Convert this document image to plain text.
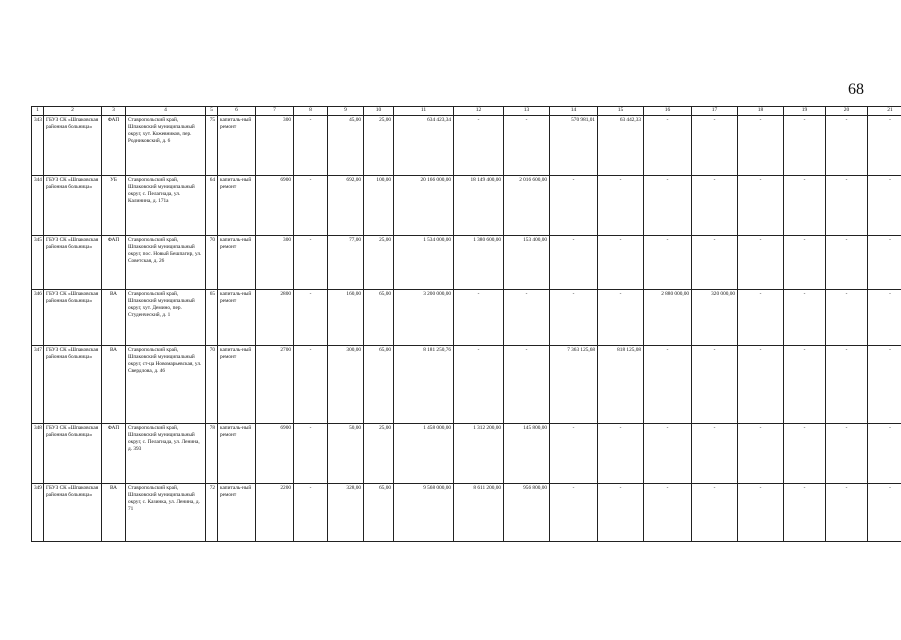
68
1	2	3	4	5	6	7	8	9	10	11	12	13	14	15	16	17	18	19	20	21
343	ГБУЗ СК «Шпаковская районная больница»	ФАП	Ставропольский край, Шпаковский муниципальный округ, хут. Кожевников, пер. Родниковский, д. 6	75	капиталь-ный ремонт	300	-	45,00	25,00	634 423,34	-	-	570 981,01	63 442,33	-	-	-	-	-	-
344	ГБУЗ СК «Шпаковская районная больница»	УБ	Ставропольский край, Шпаковский муниципальный округ, с. Пелагиада, ул. Калинина, д. 171а	64	капиталь-ный ремонт	6900	-	692,00	100,00	20 166 000,00	18 149 400,00	2 016 600,00	-	-	-	-	-	-	-	-
345	ГБУЗ СК «Шпаковская районная больница»	ФАП	Ставропольский край, Шпаковский муниципальный округ, пос. Новый Бешпагир, ул. Советская, д. 26	70	капиталь-ный ремонт	300	-	77,00	25,00	1 534 000,00	1 380 600,00	153 400,00	-	-	-	-	-	-	-	-
346	ГБУЗ СК «Шпаковская районная больница»	ВА	Ставропольский край, Шпаковский муниципальный округ, хут. Демино, пер. Студенческий, д. 1	65	капиталь-ный ремонт	2800	-	160,00	65,00	3 200 000,00	-	-	-	-	2 880 000,00	320 000,00	-	-	-	-
347	ГБУЗ СК «Шпаковская районная больница»	ВА	Ставропольский край, Шпаковский муниципальный округ, ст-ца Новомарьевская, ул. Свердлова, д. 46	70	капиталь-ный ремонт	2700	-	300,00	65,00	8 181 250,76	-	-	7 363 125,68	818 125,08	-	-	-	-	-	-
348	ГБУЗ СК «Шпаковская районная больница»	ФАП	Ставропольский край, Шпаковский муниципальный округ, с. Пелагиада, ул. Ленина, д. 393	78	капиталь-ный ремонт	6900	-	50,00	25,00	1 458 000,00	1 312 200,00	145 800,00	-	-	-	-	-	-	-	-
349	ГБУЗ СК «Шпаковская районная больница»	ВА	Ставропольский край, Шпаковский муниципальный округ, с. Казинка, ул. Ленина, д. 71	72	капиталь-ный ремонт	2200	-	328,00	65,00	9 568 000,00	8 611 200,00	956 800,00	-	-	-	-	-	-	-	-
